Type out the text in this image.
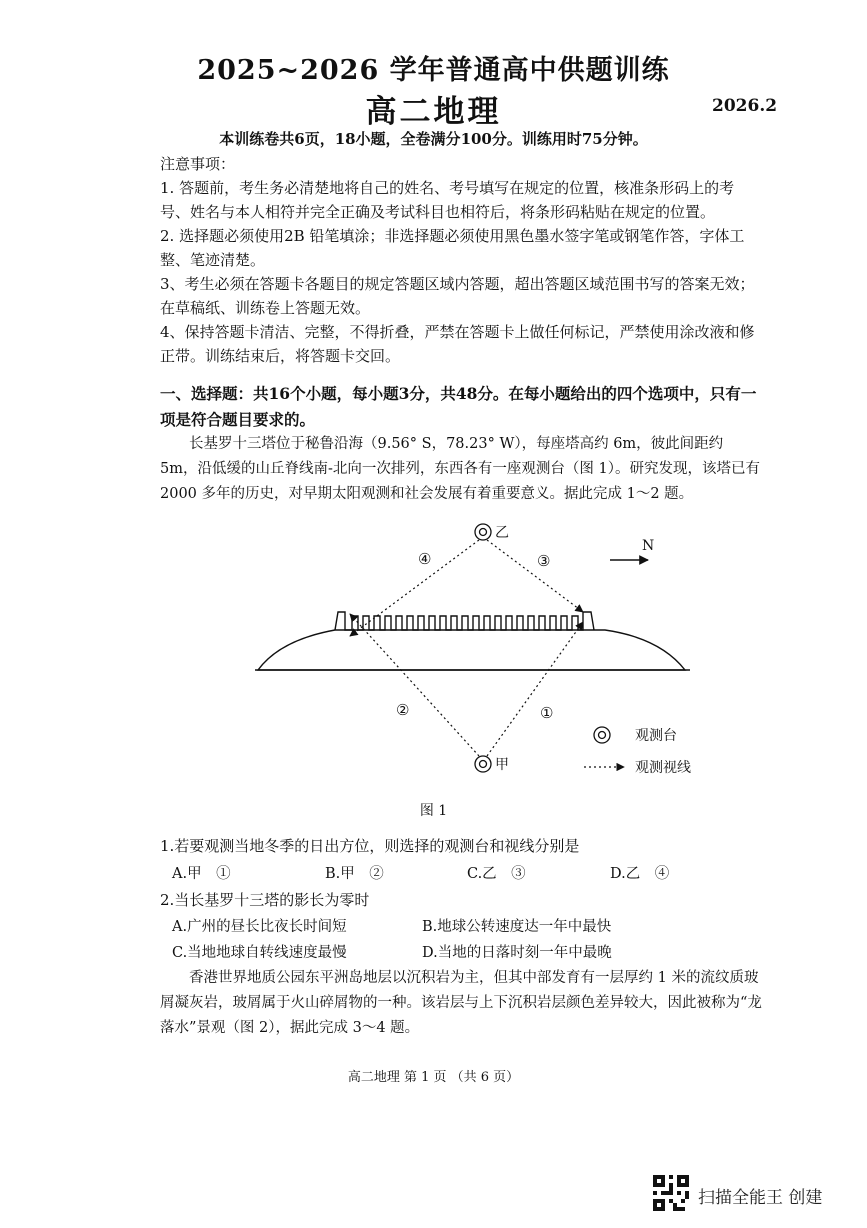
2025~2026 学年普通高中供题训练
高二地理	2026.2
本训练卷共6页，18小题，全卷满分100分。训练用时75分钟。
注意事项：
1. 答题前，考生务必清楚地将自己的姓名、考号填写在规定的位置，核准条形码上的考号、姓名与本人相符并完全正确及考试科目也相符后，将条形码粘贴在规定的位置。
2. 选择题必须使用2B 铅笔填涂；非选择题必须使用黑色墨水签字笔或钢笔作答，字体工整、笔迹清楚。
3、考生必须在答题卡各题目的规定答题区域内答题，超出答题区域范围书写的答案无效；在草稿纸、训练卷上答题无效。
4、保持答题卡清洁、完整，不得折叠，严禁在答题卡上做任何标记，严禁使用涂改液和修正带。训练结束后，将答题卡交回。
一、选择题：共16个小题，每小题3分，共48分。在每小题给出的四个选项中，只有一项是符合题目要求的。
长基罗十三塔位于秘鲁沿海（9.56° S，78.23° W），每座塔高约 6m，彼此间距约 5m，沿低缓的山丘脊线南-北向一次排列，东西各有一座观测台（图 1）。研究发现，该塔已有 2000 多年的历史，对早期太阳观测和社会发展有着重要意义。据此完成 1～2 题。
乙
甲
④	③
②	①
N
观测台
观测视线
图 1
1.若要观测当地冬季的日出方位，则选择的观测台和视线分别是
A.甲　①	B.甲　②	C.乙　③	D.乙　④
2.当长基罗十三塔的影长为零时
A.广州的昼长比夜长时间短	B.地球公转速度达一年中最快
C.当地地球自转线速度最慢	D.当地的日落时刻一年中最晚
香港世界地质公园东平洲岛地层以沉积岩为主，但其中部发育有一层厚约 1 米的流纹质玻屑凝灰岩，玻屑属于火山碎屑物的一种。该岩层与上下沉积岩层颜色差异较大，因此被称为“龙落水”景观（图 2），据此完成 3～4 题。
高二地理 第 1 页 （共 6 页）
扫描全能王 创建
